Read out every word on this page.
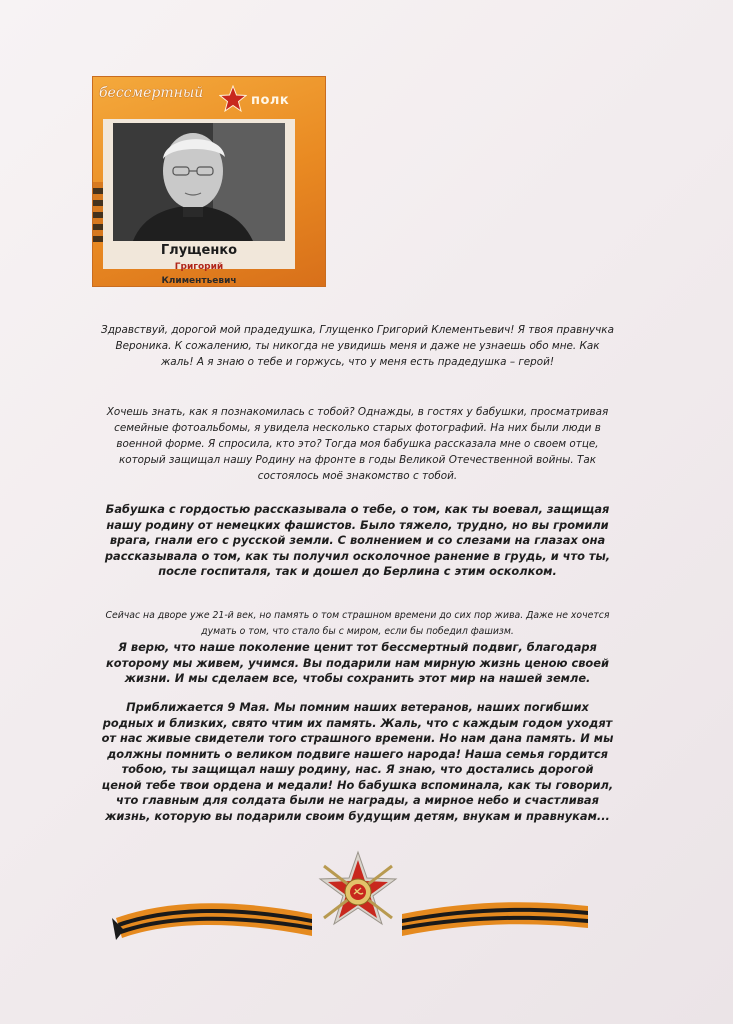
бессмертный	полк
Глущенко
Григорий
Климентьевич

Здравствуй, дорогой мой прадедушка, Глущенко Григорий Клементьевич! Я твоя правнучка Вероника. К сожалению, ты никогда не увидишь меня и даже не узнаешь обо мне. Как жаль! А я знаю о тебе и горжусь, что у меня есть прадедушка – герой!

Хочешь знать, как я познакомилась с тобой? Однажды, в гостях у бабушки, просматривая семейные фотоальбомы, я увидела несколько старых фотографий. На них были люди в военной форме. Я спросила, кто это? Тогда моя бабушка рассказала мне о своем отце, который защищал нашу Родину на фронте в годы Великой Отечественной войны. Так состоялось моё знакомство с тобой.

Бабушка с гордостью рассказывала о тебе, о том, как ты воевал, защищая нашу родину от немецких фашистов. Было тяжело, трудно, но вы громили врага, гнали его с русской земли. С волнением и со слезами на глазах она рассказывала о том, как ты получил осколочное ранение в грудь, и что ты, после госпиталя, так и дошел до Берлина с этим осколком.

Сейчас на дворе уже 21-й век, но память о том страшном времени до сих пор жива. Даже не хочется думать о том, что стало бы с миром, если бы победил фашизм.

Я верю, что наше поколение ценит тот бессмертный подвиг, благодаря которому мы живем, учимся. Вы подарили нам мирную жизнь ценою своей жизни. И мы сделаем все, чтобы сохранить этот мир на нашей земле.

Приближается 9 Мая. Мы помним наших ветеранов, наших погибших родных и близких, свято чтим их память. Жаль, что с каждым годом уходят от нас живые свидетели того страшного времени. Но нам дана память. И мы должны помнить о великом подвиге нашего народа! Наша семья гордится тобою, ты защищал нашу родину, нас. Я знаю, что достались дорогой ценой тебе твои ордена и медали! Но бабушка вспоминала, как ты говорил, что главным для солдата были не награды, а мирное небо и счастливая жизнь, которую вы подарили своим будущим детям, внукам и правнукам...
